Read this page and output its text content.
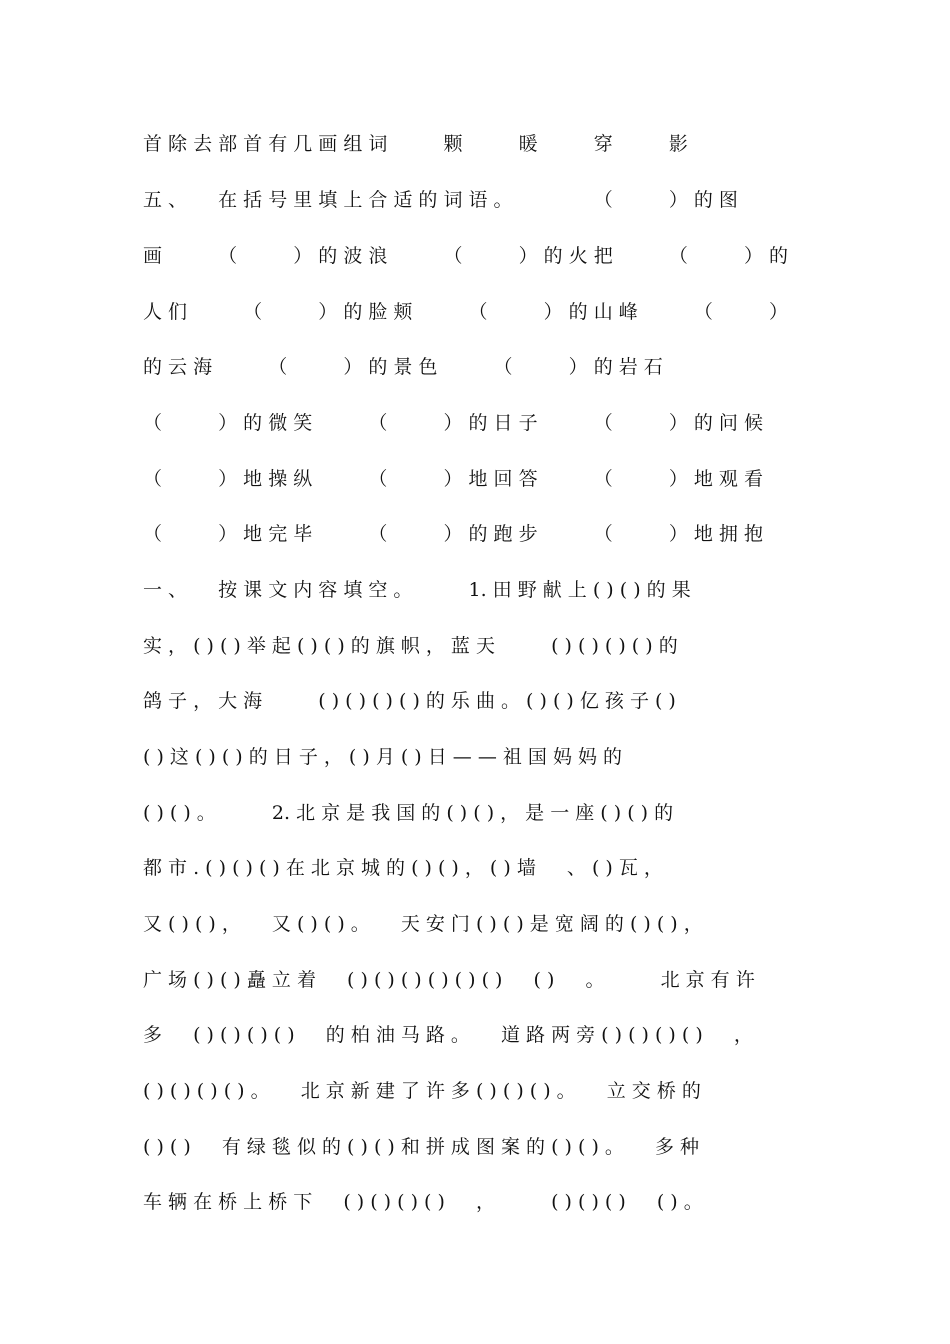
首 除 去 部 首 有 几 画 组 词 　 　 颗 　 　 暖 　 　 穿 　 　 影
五 、 　 在 括 号 里 填 上 合 适 的 词 语 。 　 　 　 （ 　 　 ） 的 图
画 　 　 （ 　 　 ） 的 波 浪 　 　 （ 　 　 ） 的 火 把 　 　 （ 　 　 ） 的
人 们 　 　 （ 　 　 ） 的 脸 颊 　 　 （ 　 　 ） 的 山 峰 　 　 （ 　 　 ）
的 云 海 　 　 （ 　 　 ） 的 景 色 　 　 （ 　 　 ） 的 岩 石
（ 　 　 ） 的 微 笑 　 　 （ 　 　 ） 的 日 子 　 　 （ 　 　 ） 的 问 候
（ 　 　 ） 地 操 纵 　 　 （ 　 　 ） 地 回 答 　 　 （ 　 　 ） 地 观 看
（ 　 　 ） 地 完 毕 　 　 （ 　 　 ） 的 跑 步 　 　 （ 　 　 ） 地 拥 抱
一 、 　 按 课 文 内 容 填 空 。 　 　 1. 田 野 献 上 ( ) ( ) 的 果
实 ， ( ) ( ) 举 起 ( ) ( ) 的 旗 帜 ， 蓝 天 　 　 ( ) ( ) ( ) ( ) 的
鸽 子 ， 大 海 　 　 ( ) ( ) ( ) ( ) 的 乐 曲 。 ( ) ( ) 亿 孩 子 ( )
( ) 这 ( ) ( ) 的 日 子 ， ( ) 月 ( ) 日 — — 祖 国 妈 妈 的
( ) ( ) 。 　 　 2. 北 京 是 我 国 的 ( ) ( ) ， 是 一 座 ( ) ( ) 的
都 市 . ( ) ( ) ( ) 在 北 京 城 的 ( ) ( ) ， ( ) 墙 　 、 ( ) 瓦 ，
又 ( ) ( ) ， 　 又 ( ) ( ) 。 　 天 安 门 ( ) ( ) 是 宽 阔 的 ( ) ( ) ，
广 场 ( ) ( ) 矗 立 着 　 ( ) ( ) ( ) ( ) ( ) ( ) 　 ( ) 　 。 　 　 北 京 有 许
多 　 ( ) ( ) ( ) ( ) 　 的 柏 油 马 路 。 　 道 路 两 旁 ( ) ( ) ( ) ( ) 　 ，
( ) ( ) ( ) ( ) 。 　 北 京 新 建 了 许 多 ( ) ( ) ( ) 。 　 立 交 桥 的
( ) ( ) 　 有 绿 毯 似 的 ( ) ( ) 和 拼 成 图 案 的 ( ) ( ) 。 　 多 种
车 辆 在 桥 上 桥 下 　 ( ) ( ) ( ) ( ) 　 ， 　 　 ( ) ( ) ( ) 　 ( ) 。
